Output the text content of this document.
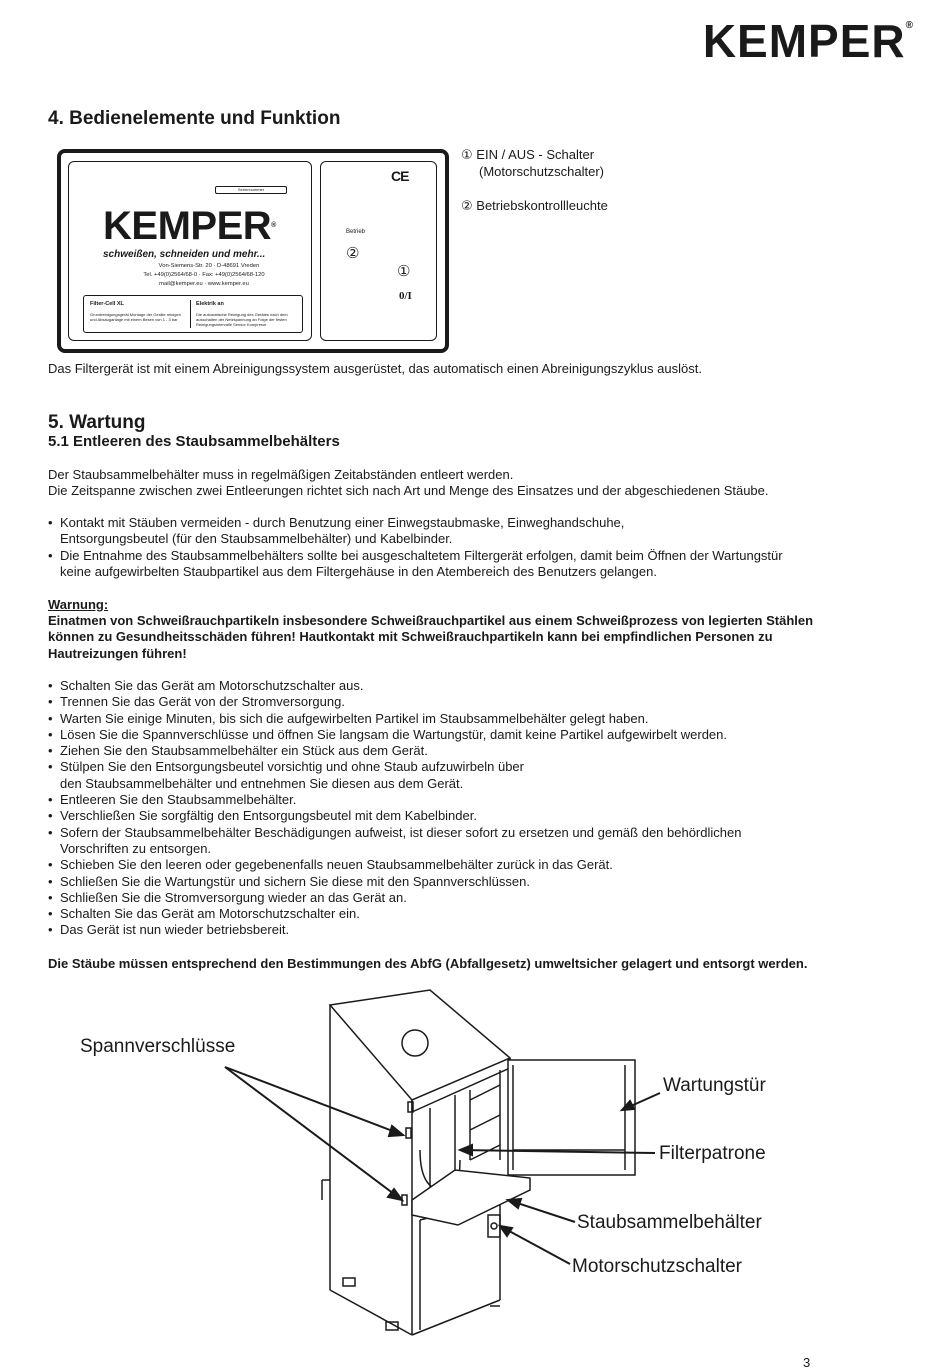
KEMPER®
4. Bedienelemente und Funktion
Seriennummer
KEMPER®
schweißen, schneiden und mehr...
Von-Siemens-Str. 20 · D-48691 Vreden
Tel. +49(0)2564/68-0 · Fax: +49(0)2564/68-120
mail@kemper.eu · www.kemper.eu
Filter-Cell XL
Grundreinigungsgerät Montage der Geräte reinigen und Absauganlage mit einem Besen von 1 - 3 bar
Elektrik an
Die automatische Reinigung des Gerätes nach dem ausschalten der Netzspannung an Folge der festen Reinigungsintervalle Sensor Kompresor
CE
Betrieb
②
①
0/I
① EIN / AUS - Schalter
(Motorschutzschalter)
② Betriebskontrollleuchte
Das Filtergerät ist mit einem Abreinigungssystem ausgerüstet, das automatisch einen Abreinigungszyklus auslöst.
5. Wartung
5.1 Entleeren des Staubsammelbehälters
Der Staubsammelbehälter muss in regelmäßigen Zeitabständen entleert werden.
Die Zeitspanne zwischen zwei Entleerungen richtet sich nach Art und Menge des Einsatzes und der abgeschiedenen Stäube.
• Kontakt mit Stäuben vermeiden - durch Benutzung einer Einwegstaubmaske, Einweghandschuhe,
Entsorgungsbeutel (für den Staubsammelbehälter) und Kabelbinder.
• Die Entnahme des Staubsammelbehälters sollte bei ausgeschaltetem Filtergerät erfolgen, damit beim Öffnen der Wartungstür
keine aufgewirbelten Staubpartikel aus dem Filtergehäuse in den Atembereich des Benutzers gelangen.
Warnung:
Einatmen von Schweißrauchpartikeln insbesondere Schweißrauchpartikel aus einem Schweißprozess von legierten Stählen können zu Gesundheitsschäden führen! Hautkontakt mit Schweißrauchpartikeln kann bei empfindlichen Personen zu Hautreizungen führen!
• Schalten Sie das Gerät am Motorschutzschalter aus.
• Trennen Sie das Gerät von der Stromversorgung.
• Warten Sie einige Minuten, bis sich die aufgewirbelten Partikel im Staubsammelbehälter gelegt haben.
• Lösen Sie die Spannverschlüsse und öffnen Sie langsam die Wartungstür, damit keine Partikel aufgewirbelt werden.
• Ziehen Sie den Staubsammelbehälter ein Stück aus dem Gerät.
• Stülpen Sie den Entsorgungsbeutel vorsichtig und ohne Staub aufzuwirbeln über
den Staubsammelbehälter und entnehmen Sie diesen aus dem Gerät.
• Entleeren Sie den Staubsammelbehälter.
• Verschließen Sie sorgfältig den Entsorgungsbeutel mit dem Kabelbinder.
• Sofern der Staubsammelbehälter Beschädigungen aufweist, ist dieser sofort zu ersetzen und gemäß den behördlichen
Vorschriften zu entsorgen.
• Schieben Sie den leeren oder gegebenenfalls neuen Staubsammelbehälter zurück in das Gerät.
• Schließen Sie die Wartungstür und sichern Sie diese mit den Spannverschlüssen.
• Schließen Sie die Stromversorgung wieder an das Gerät an.
• Schalten Sie das Gerät am Motorschutzschalter ein.
• Das Gerät ist nun wieder betriebsbereit.
Die Stäube müssen entsprechend den Bestimmungen des AbfG (Abfallgesetz) umweltsicher gelagert und entsorgt werden.
Spannverschlüsse
Wartungstür
Filterpatrone
Staubsammelbehälter
Motorschutzschalter
3
